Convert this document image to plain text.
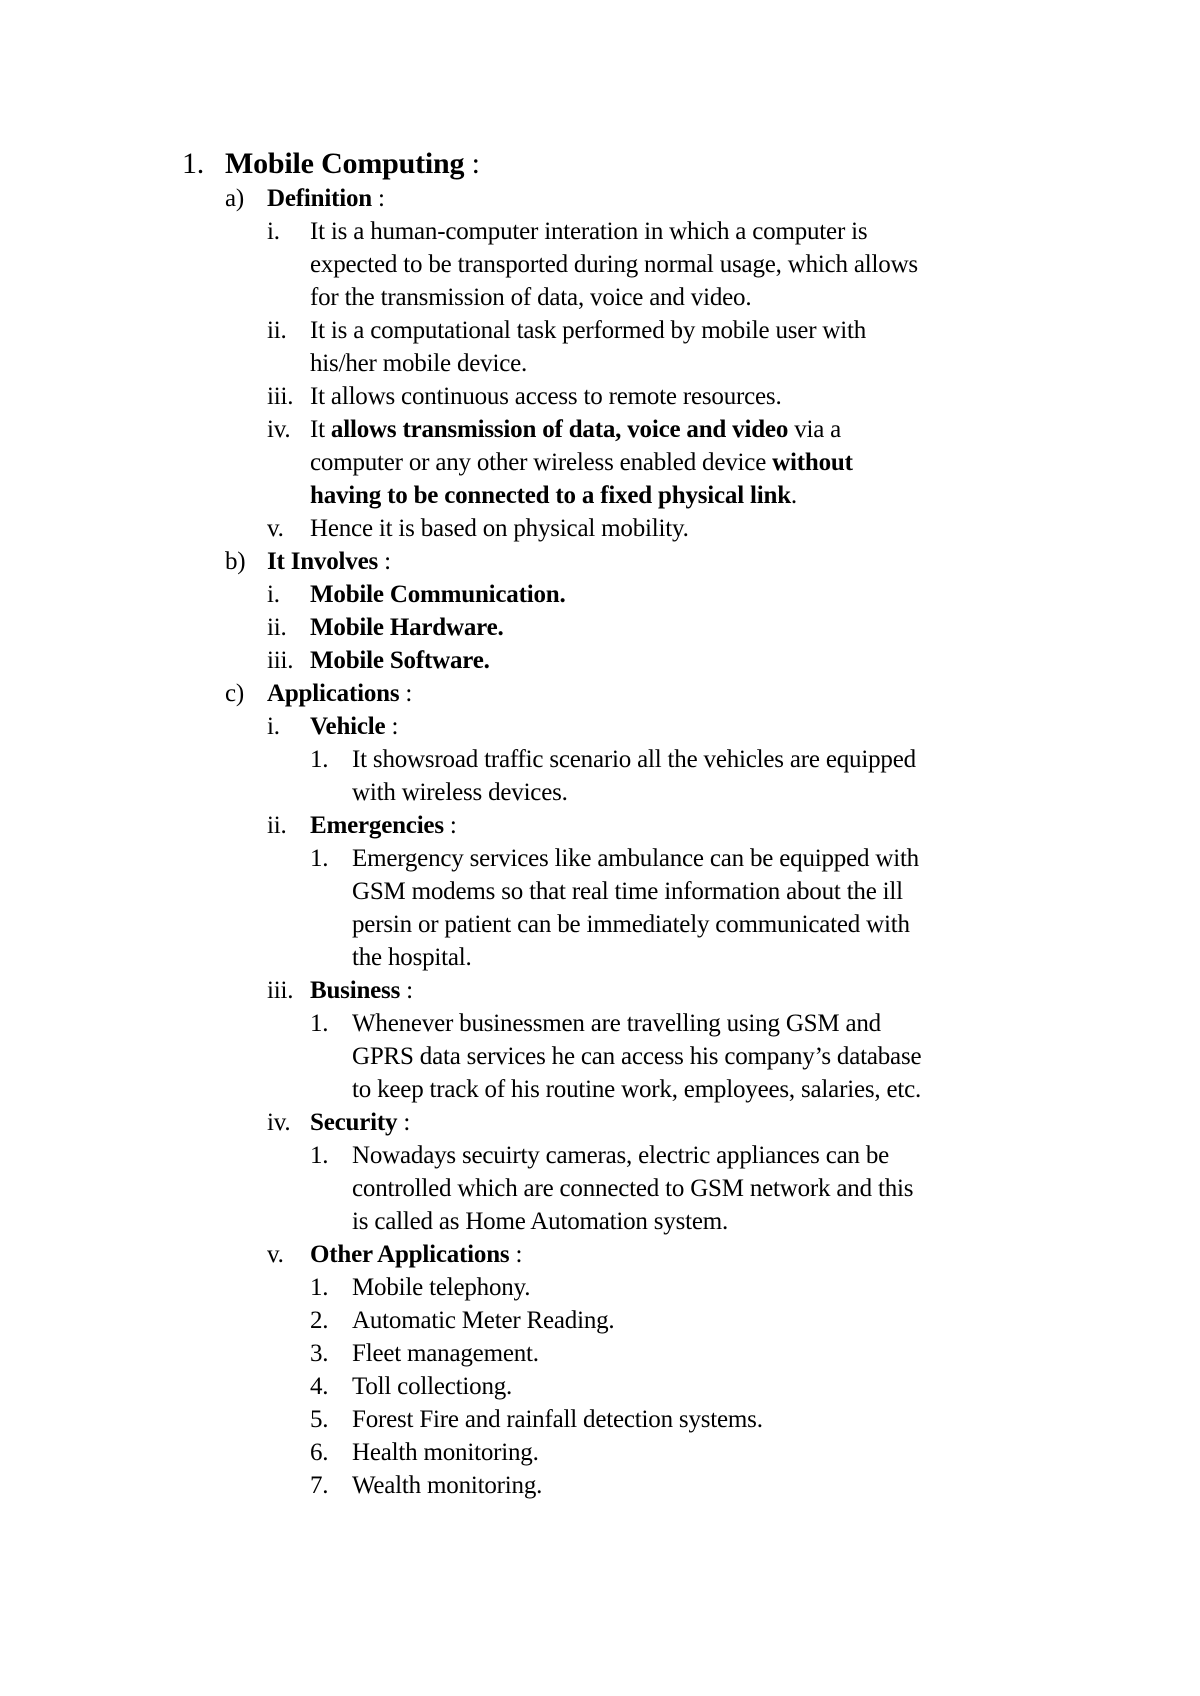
1. Mobile Computing :
a) Definition :
i. It is a human-computer interation in which a computer is
expected to be transported during normal usage, which allows
for the transmission of data, voice and video.
ii. It is a computational task performed by mobile user with
his/her mobile device.
iii. It allows continuous access to remote resources.
iv. It allows transmission of data, voice and video via a
computer or any other wireless enabled device without
having to be connected to a fixed physical link.
v. Hence it is based on physical mobility.
b) It Involves :
i. Mobile Communication.
ii. Mobile Hardware.
iii. Mobile Software.
c) Applications :
i. Vehicle :
1. It showsroad traffic scenario all the vehicles are equipped
with wireless devices.
ii. Emergencies :
1. Emergency services like ambulance can be equipped with
GSM modems so that real time information about the ill
persin or patient can be immediately communicated with
the hospital.
iii. Business :
1. Whenever businessmen are travelling using GSM and
GPRS data services he can access his company’s database
to keep track of his routine work, employees, salaries, etc.
iv. Security :
1. Nowadays secuirty cameras, electric appliances can be
controlled which are connected to GSM network and this
is called as Home Automation system.
v. Other Applications :
1. Mobile telephony.
2. Automatic Meter Reading.
3. Fleet management.
4. Toll collectiong.
5. Forest Fire and rainfall detection systems.
6. Health monitoring.
7. Wealth monitoring.
